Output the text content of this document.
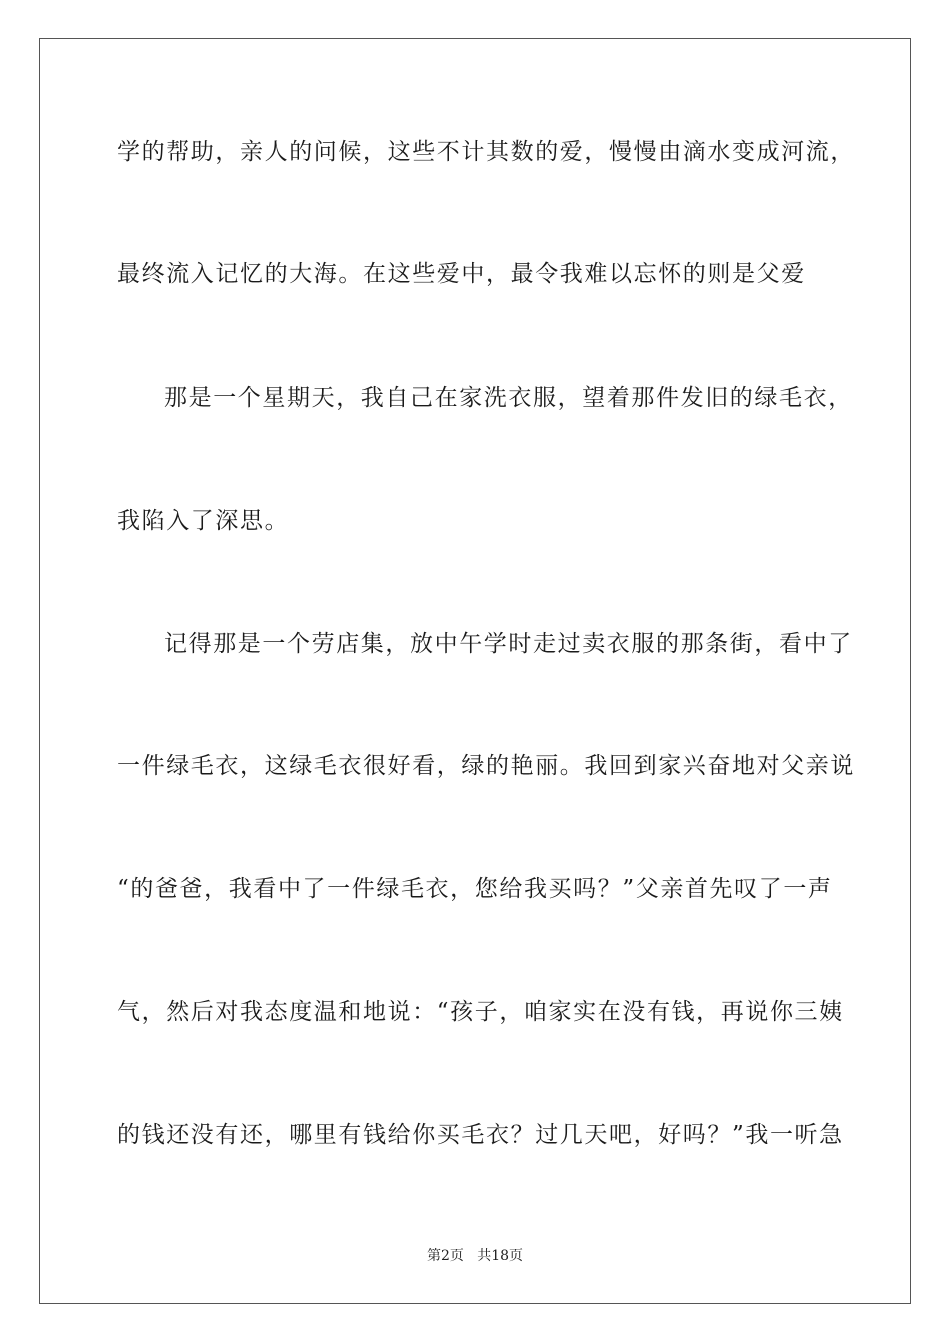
学的帮助，亲人的问候，这些不计其数的爱，慢慢由滴水变成河流，
最终流入记忆的大海。在这些爱中，最令我难以忘怀的则是父爱
那是一个星期天，我自己在家洗衣服，望着那件发旧的绿毛衣，
我陷入了深思。
记得那是一个劳店集，放中午学时走过卖衣服的那条街，看中了
一件绿毛衣，这绿毛衣很好看，绿的艳丽。我回到家兴奋地对父亲说
“的爸爸，我看中了一件绿毛衣，您给我买吗？”父亲首先叹了一声
气，然后对我态度温和地说：“孩子，咱家实在没有钱，再说你三姨
的钱还没有还，哪里有钱给你买毛衣？过几天吧，好吗？”我一听急
第2页   共18页
